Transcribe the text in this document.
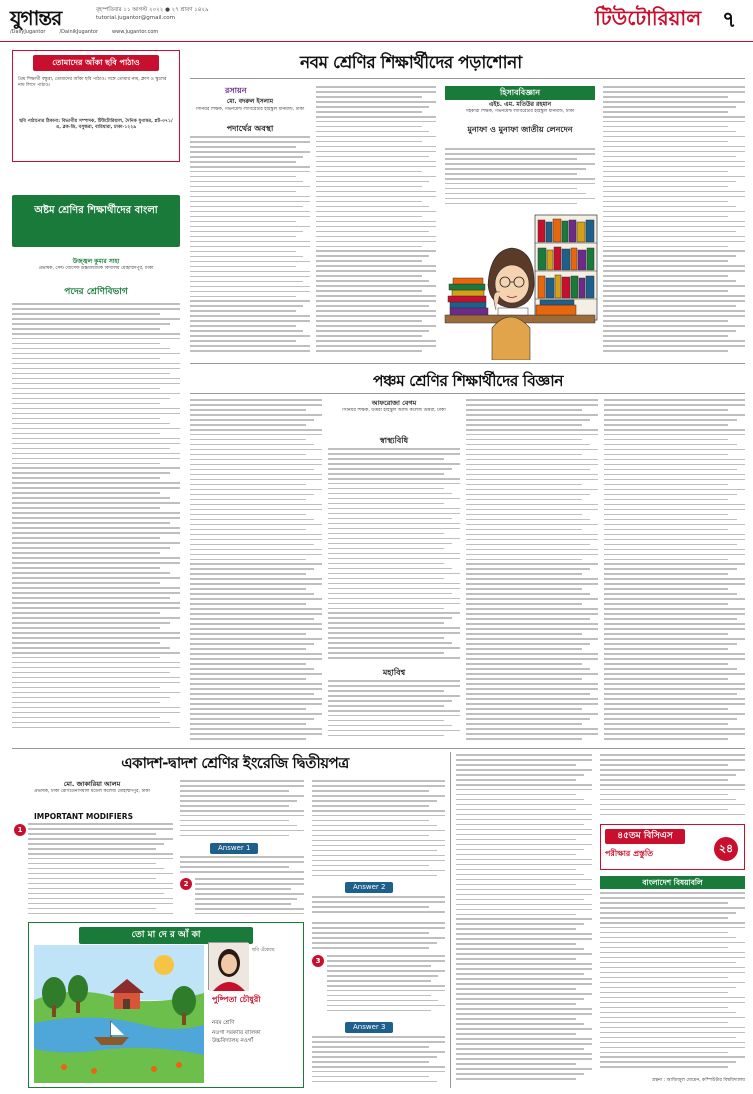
যুগান্তর	বৃহস্পতিবার ১১ আগস্ট ২০২২ ● ২৭ শ্রাবণ ১৪২৯
tutorial.jugantor@gmail.com
/DailyJugantor	/DainikJugantor	www.jugantor.com
টিউটোরিয়াল ৭
তোমাদের আঁকা ছবি পাঠাও
প্রিয় শিক্ষার্থী বন্ধুরা, তোমাদের আঁকা ছবি পাঠাও। সঙ্গে তোমার নাম, ক্লাস ও স্কুলের নাম লিখে পাঠাও।
ছবি পাঠানোর ঠিকানা: বিভাগীয় সম্পাদক, টিউটোরিয়াল, দৈনিক যুগান্তর, প্লট-৩৭১/এ, ব্লক-ডি, বসুন্ধরা, বারিধারা, ঢাকা-১২২৯
অষ্টম শ্রেণির শিক্ষার্থীদের বাংলা
উজ্জ্বল কুমার সাহা
প্রভাষক, সেন্ট যোসেফ উচ্চমাধ্যমিক বিদ্যালয় মোহাম্মদপুর, ঢাকা
পদের শ্রেণিবিভাগ
নবম শ্রেণির শিক্ষার্থীদের পড়াশোনা
রসায়ন
মো. বদরুল ইসলাম
সিনিয়র শিক্ষক, গভর্নমেন্ট ল্যাবরেটরি হাইস্কুল ধানমন্ডি, ঢাকা
পদার্থের অবস্থা
হিসাববিজ্ঞান
এইচ. এম. মতিউর রহমান
সহকারী শিক্ষক, গভর্নমেন্ট ল্যাবরেটরি হাইস্কুল ধানমন্ডি, ঢাকা
মুনাফা ও মুনাফা জাতীয় লেনদেন
পঞ্চম শ্রেণির শিক্ষার্থীদের বিজ্ঞান
আফরোজা বেগম
সিনিয়র শিক্ষক, উত্তরা হাইস্কুল অ্যান্ড কলেজ উত্তরা, ঢাকা
স্বাস্থ্যবিধি
মহাবিশ্ব
একাদশ-দ্বাদশ শ্রেণির ইংরেজি দ্বিতীয়পত্র
মো. জাকারিয়া আলম
প্রভাষক, ঢাকা রেসিডেনসিয়াল মডেল কলেজ মোহাম্মদপুর, ঢাকা
IMPORTANT MODIFIERS
1
Answer 1
2	Answer 2
তো মা দে র আঁ কা
ছবি এঁকেছে
পুষ্পিতা চৌধুরী
নবম শ্রেণি
নওগাঁ সরকারি বালিকা উচ্চবিদ্যালয় নওগাঁ
3
Answer 3
৪৫তম বিসিএস
পরীক্ষার প্রস্তুতি	২৪
বাংলাদেশ বিষয়াবলি
গ্রন্থনা : আজিজুল মোমেন, কম্পিউটার বিশ্ববিদ্যালয়
